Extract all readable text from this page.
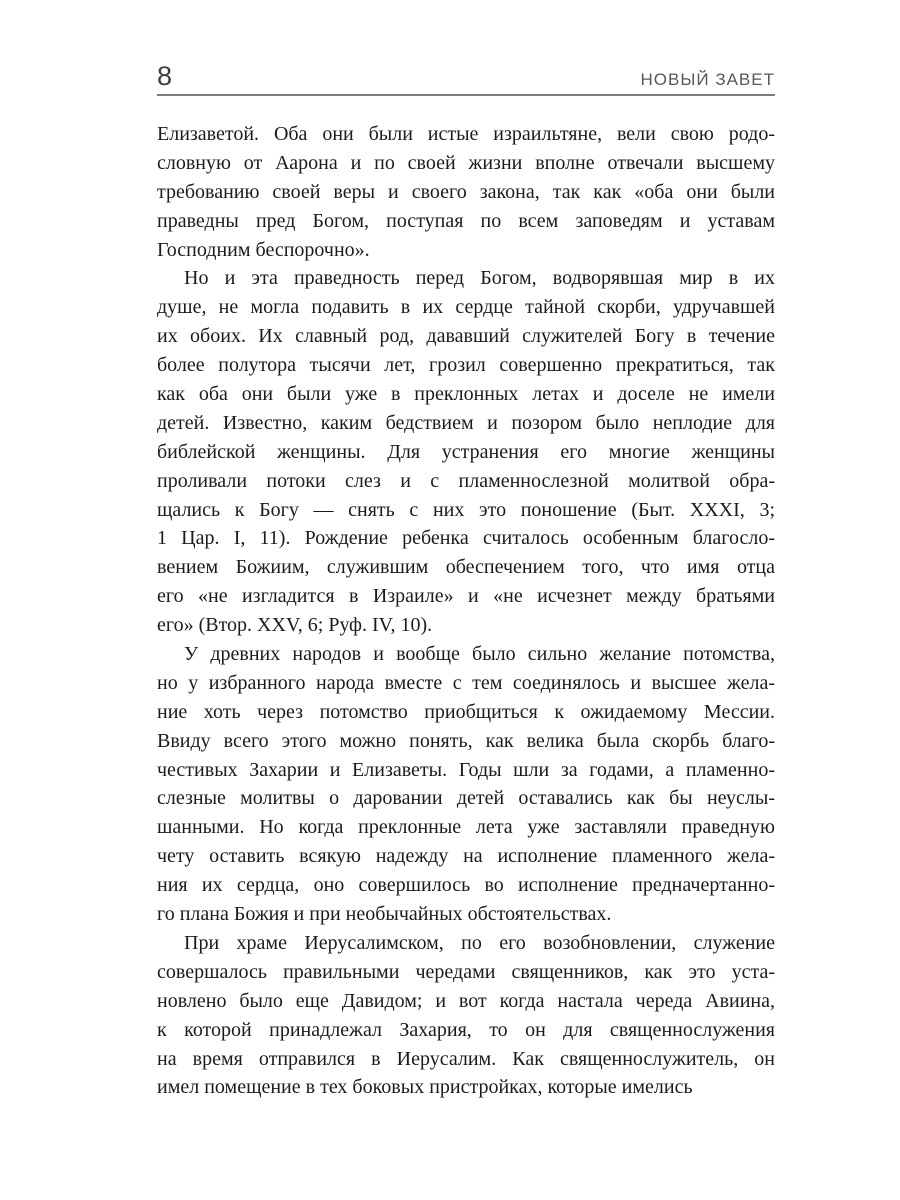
8	НОВЫЙ ЗАВЕТ
Елизаветой. Оба они были истые израильтяне, вели свою родо-
словную от Аарона и по своей жизни вполне отвечали высшему
требованию своей веры и своего закона, так как «оба они были
праведны пред Богом, поступая по всем заповедям и уставам
Господним беспорочно».
Но и эта праведность перед Богом, водворявшая мир в их
душе, не могла подавить в их сердце тайной скорби, удручавшей
их обоих. Их славный род, дававший служителей Богу в течение
более полутора тысячи лет, грозил совершенно прекратиться, так
как оба они были уже в преклонных летах и доселе не имели
детей. Известно, каким бедствием и позором было неплодие для
библейской женщины. Для устранения его многие женщины
проливали потоки слез и с пламеннослезной молитвой обра-
щались к Богу — снять с них это поношение (Быт. XXXI, 3;
1 Цар. I, 11). Рождение ребенка считалось особенным благосло-
вением Божиим, служившим обеспечением того, что имя отца
его «не изгладится в Израиле» и «не исчезнет между братьями
его» (Втор. XXV, 6; Руф. IV, 10).
У древних народов и вообще было сильно желание потомства,
но у избранного народа вместе с тем соединялось и высшее жела-
ние хоть через потомство приобщиться к ожидаемому Мессии.
Ввиду всего этого можно понять, как велика была скорбь благо-
честивых Захарии и Елизаветы. Годы шли за годами, а пламенно-
слезные молитвы о даровании детей оставались как бы неуслы-
шанными. Но когда преклонные лета уже заставляли праведную
чету оставить всякую надежду на исполнение пламенного жела-
ния их сердца, оно совершилось во исполнение предначертанно-
го плана Божия и при необычайных обстоятельствах.
При храме Иерусалимском, по его возобновлении, служение
совершалось правильными чередами священников, как это уста-
новлено было еще Давидом; и вот когда настала череда Авиина,
к которой принадлежал Захария, то он для священнослужения
на время отправился в Иерусалим. Как священнослужитель, он
имел помещение в тех боковых пристройках, которые имелись
